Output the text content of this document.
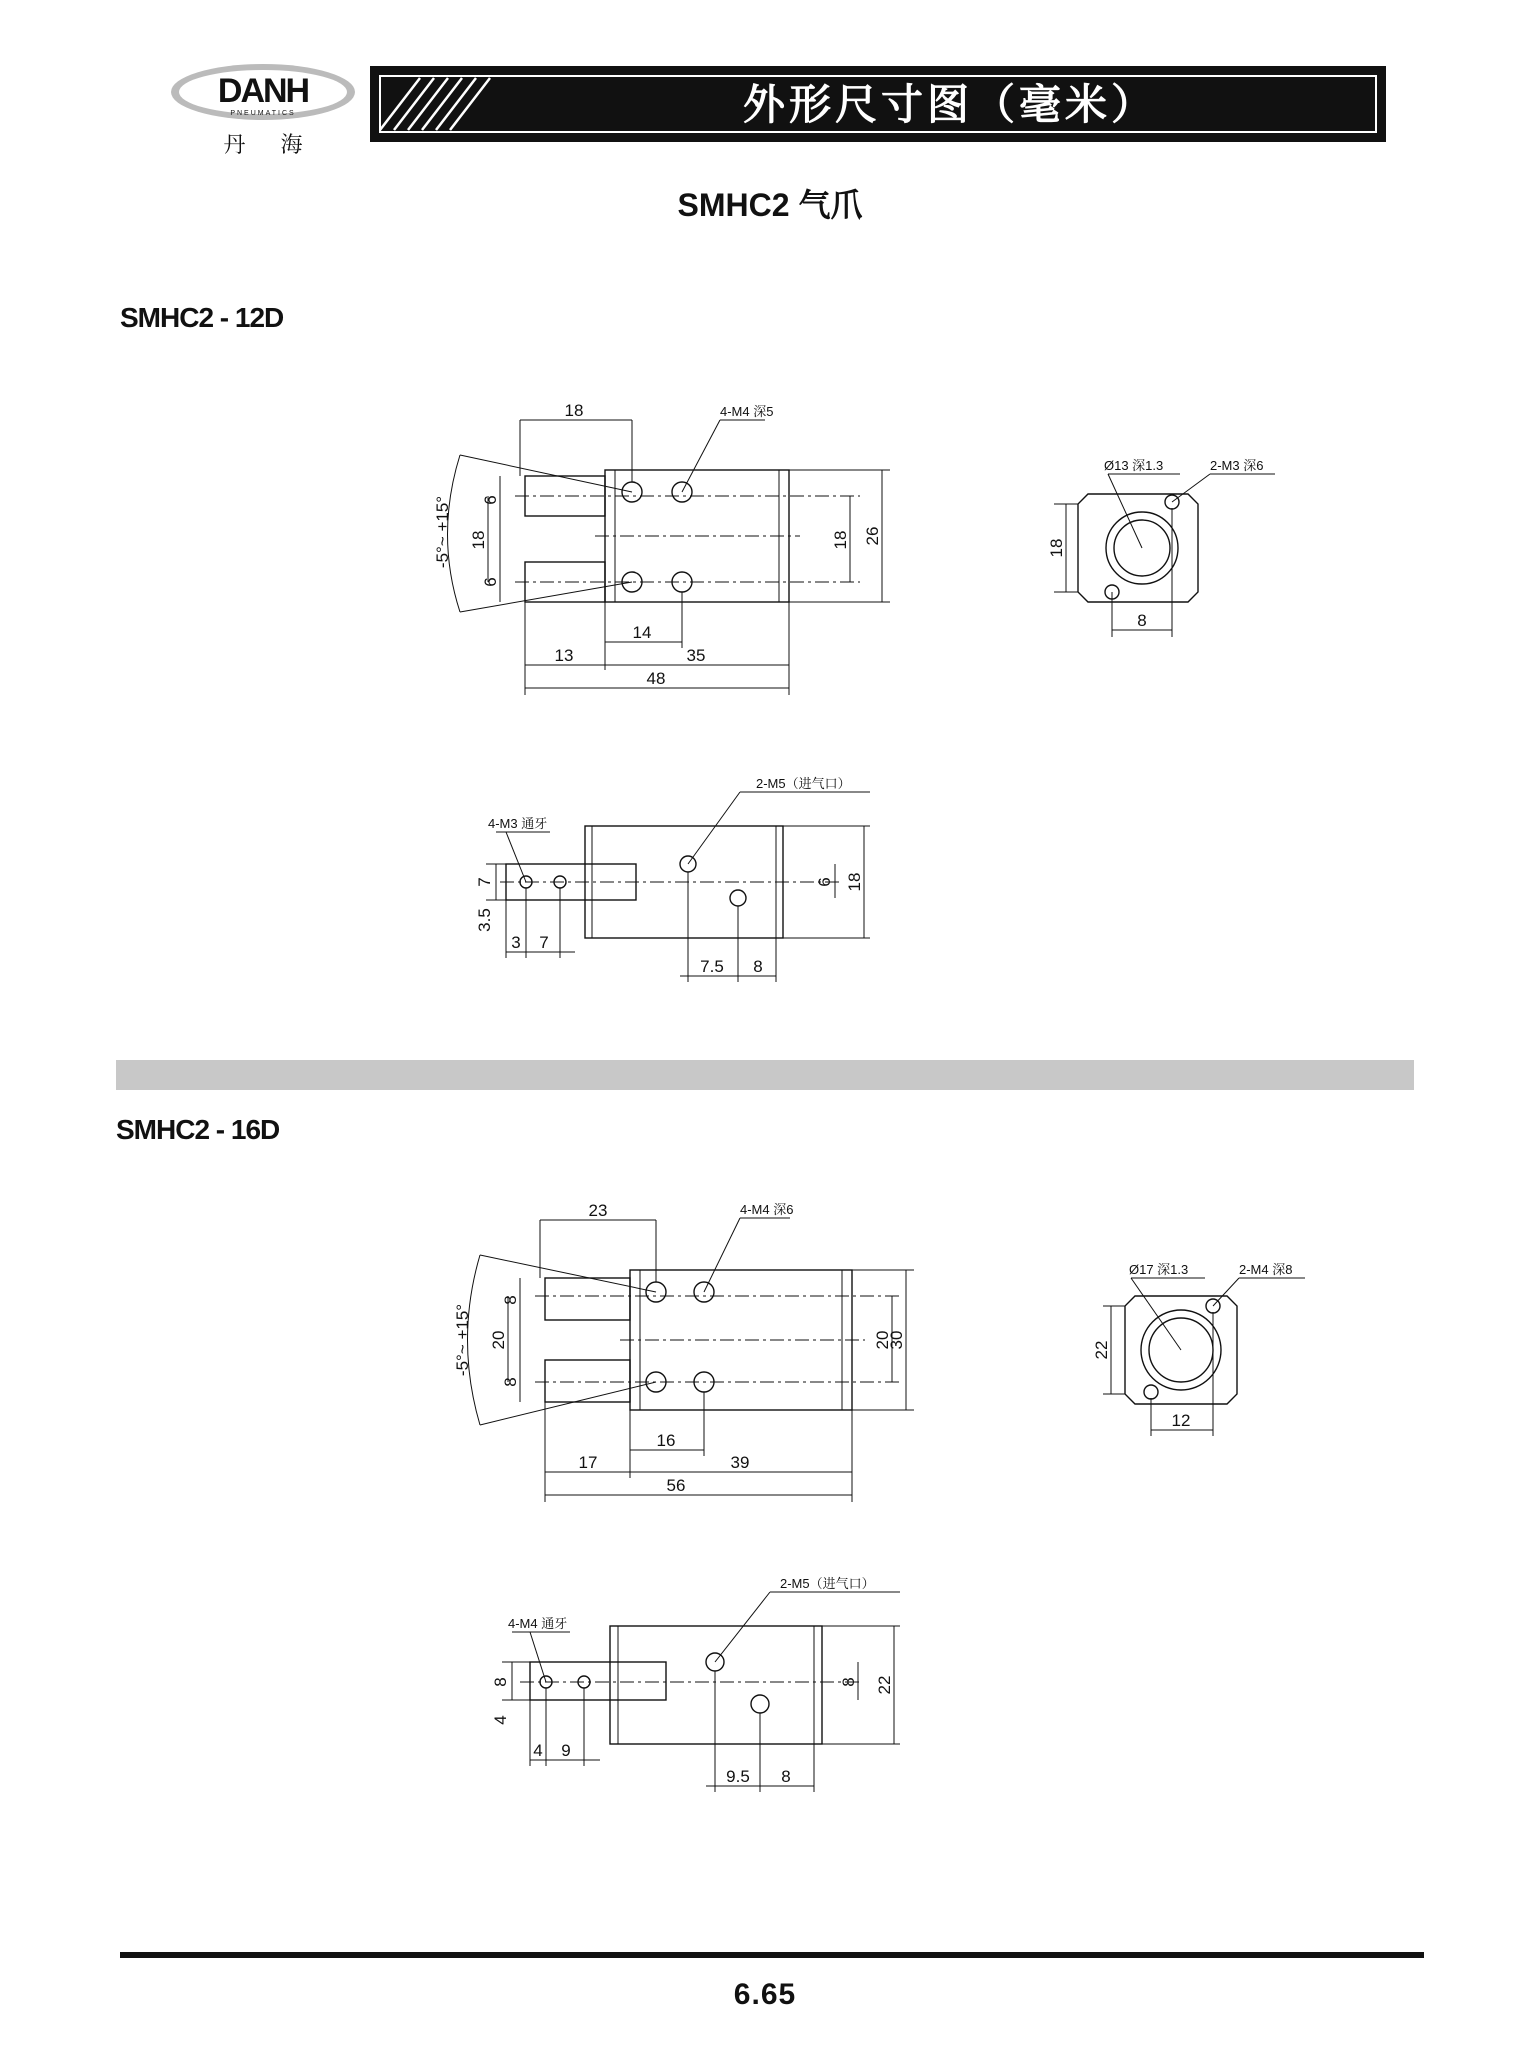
DANH
PNEUMATICS
丹 海
外形尺寸图（毫米）
SMHC2 气爪
SMHC2 - 12D
18
6
18
6
18 26
14
13	35
48
-5°~ +15°
4-M4 深5
18
8
Ø13 深1.3	2-M3 深6
7
3.5
3 7
6 18
7.5 8
4-M3 通牙
2-M5（进气口）
SMHC2 - 16D
23
8
20
8
20
30
16
17	39
56
-5°~ +15°
4-M4 深6
22
12
Ø17 深1.3	2-M4 深8
8
4
4 9
8 22
9.5 8
4-M4 通牙
2-M5（进气口）
6.65
